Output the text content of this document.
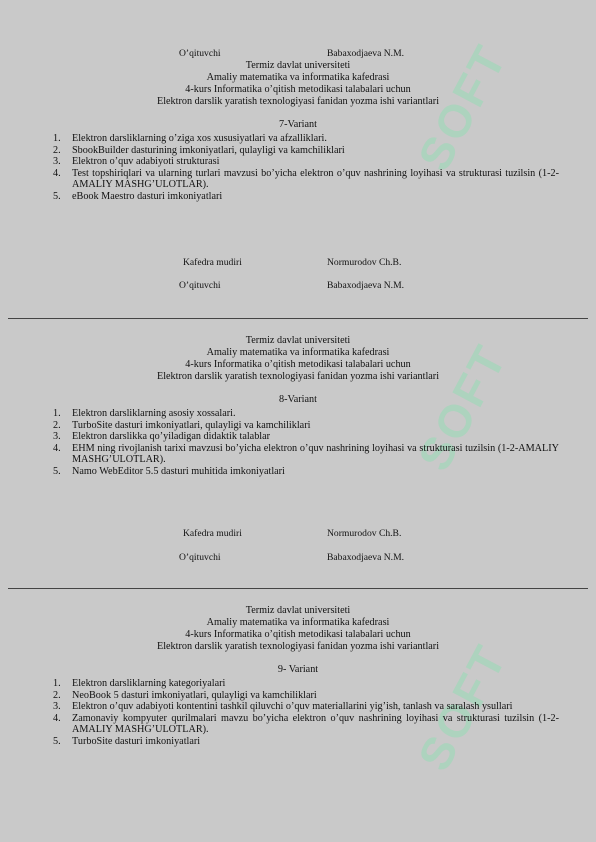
SOFT
SOFT
SOFT
O’qituvchi	Babaxodjaeva N.M.
Termiz davlat universiteti
Amaliy matematika va informatika kafedrasi
4-kurs Informatika o’qitish metodikasi talabalari uchun
Elektron darslik yaratish texnologiyasi fanidan yozma ishi variantlari
7-Variant
1. Elektron darsliklarning o’ziga xos xususiyatlari va afzalliklari.
2. SbookBuilder dasturining imkoniyatlari, qulayligi va kamchiliklari
3. Elektron o’quv adabiyoti strukturasi
4. Test topshiriqlari va ularning turlari mavzusi bo’yicha elektron o’quv nashrining loyihasi va strukturasi tuzilsin (1-2-AMALIY MASHG’ULOTLAR).
5. eBook Maestro dasturi imkoniyatlari
Kafedra mudiri	Normurodov Ch.B.
O’qituvchi	Babaxodjaeva N.M.
Termiz davlat universiteti
Amaliy matematika va informatika kafedrasi
4-kurs Informatika o’qitish metodikasi talabalari uchun
Elektron darslik yaratish texnologiyasi fanidan yozma ishi variantlari
8-Variant
1. Elektron darsliklarning asosiy xossalari.
2. TurboSite dasturi imkoniyatlari, qulayligi va kamchiliklari
3. Elektron darslikka qo’yiladigan didaktik talablar
4. EHM ning rivojlanish tarixi mavzusi bo’yicha elektron o’quv nashrining loyihasi va strukturasi tuzilsin (1-2-AMALIY MASHG’ULOTLAR).
5. Namo WebEditor 5.5 dasturi muhitida imkoniyatlari
Kafedra mudiri	Normurodov Ch.B.
O’qituvchi	Babaxodjaeva N.M.
Termiz davlat universiteti
Amaliy matematika va informatika kafedrasi
4-kurs Informatika o’qitish metodikasi talabalari uchun
Elektron darslik yaratish texnologiyasi fanidan yozma ishi variantlari
9- Variant
1. Elektron darsliklarning kategoriyalari
2. NeoBook 5 dasturi imkoniyatlari, qulayligi va kamchiliklari
3. Elektron o’quv adabiyoti kontentini tashkil qiluvchi o’quv materiallarini yig’ish, tanlash va saralash ysullari
4. Zamonaviy kompyuter qurilmalari mavzu bo’yicha elektron o’quv nashrining loyihasi va strukturasi tuzilsin (1-2-AMALIY MASHG’ULOTLAR).
5. TurboSite dasturi imkoniyatlari
